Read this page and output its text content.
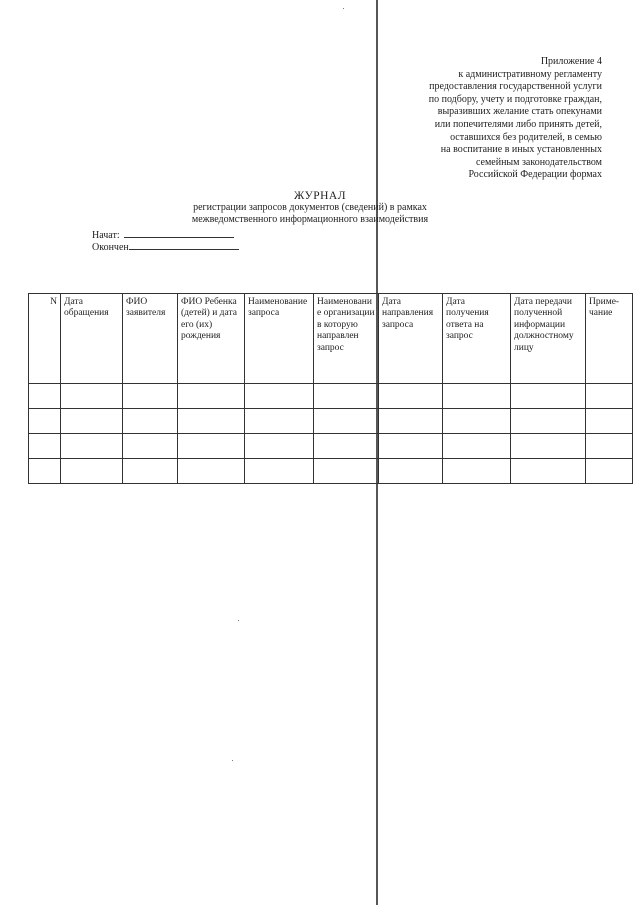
Приложение 4
к административному регламенту
предоставления государственной услуги
по подбору, учету и подготовке граждан,
выразивших желание стать опекунами
или попечителями либо принять детей,
оставшихся без родителей, в семью
на воспитание в иных установленных
семейным законодательством
Российской Федерации формах
ЖУРНАЛ
регистрации запросов документов (сведений) в рамках
межведомственного информационного взаимодействия
Начат:
Окончен
N	Дата обращения	ФИО заявителя	ФИО Ребенка (детей) и дата его (их) рождения	Наименование запроса	Наименование организации в которую направлен запрос	Дата направления запроса	Дата получения ответа на запрос	Дата передачи полученной информации должностному лицу	Приме-чание
